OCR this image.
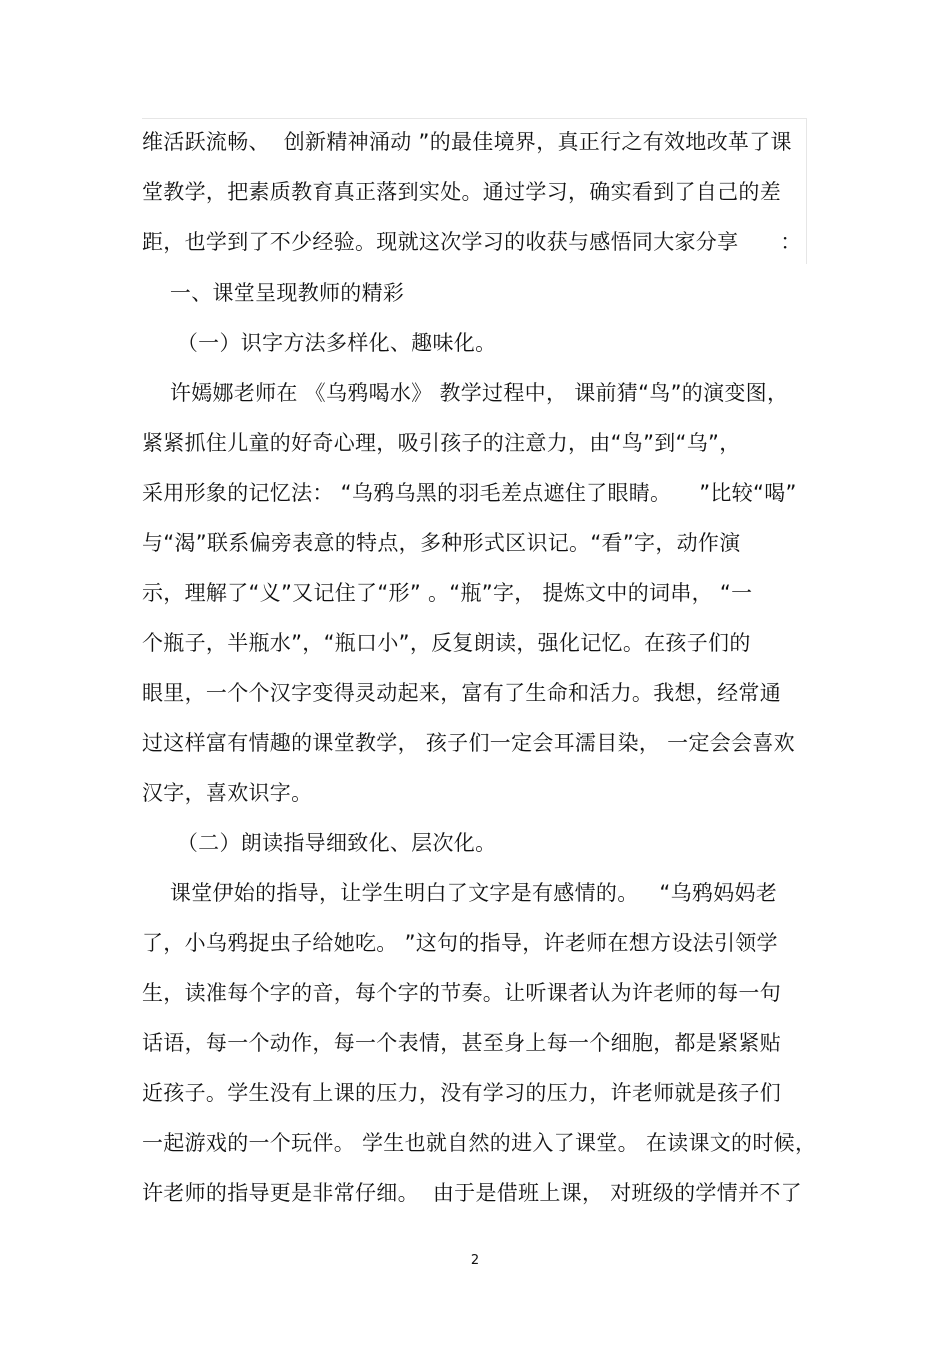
维活跃流畅、  创新精神涌动 ”的最佳境界，真正行之有效地改革了课
堂教学，把素质教育真正落到实处。通过学习，确实看到了自己的差
距，也学到了不少经验。现就这次学习的收获与感悟同大家分享      ：
一、课堂呈现教师的精彩
（一）识字方法多样化、趣味化。
许嫣娜老师在 《乌鸦喝水》 教学过程中， 课前猜“鸟”的演变图，
紧紧抓住儿童的好奇心理，吸引孩子的注意力，由“鸟”到“乌”，
采用形象的记忆法： “乌鸦乌黑的羽毛差点遮住了眼睛。    ”比较“喝”
与“渴”联系偏旁表意的特点，多种形式区识记。“看”字，动作演
示，理解了“义”又记住了“形” 。“瓶”字， 提炼文中的词串， “一
个瓶子，半瓶水”，“瓶口小”，反复朗读，强化记忆。在孩子们的
眼里，一个个汉字变得灵动起来，富有了生命和活力。我想，经常通
过这样富有情趣的课堂教学， 孩子们一定会耳濡目染， 一定会会喜欢
汉字，喜欢识字。
（二）朗读指导细致化、层次化。
课堂伊始的指导，让学生明白了文字是有感情的。   “乌鸦妈妈老
了，小乌鸦捉虫子给她吃。 ”这句的指导，许老师在想方设法引领学
生，读准每个字的音，每个字的节奏。让听课者认为许老师的每一句
话语，每一个动作，每一个表情，甚至身上每一个细胞，都是紧紧贴
近孩子。学生没有上课的压力，没有学习的压力，许老师就是孩子们
一起游戏的一个玩伴。 学生也就自然的进入了课堂。 在读课文的时候，
许老师的指导更是非常仔细。  由于是借班上课， 对班级的学情并不了
2
